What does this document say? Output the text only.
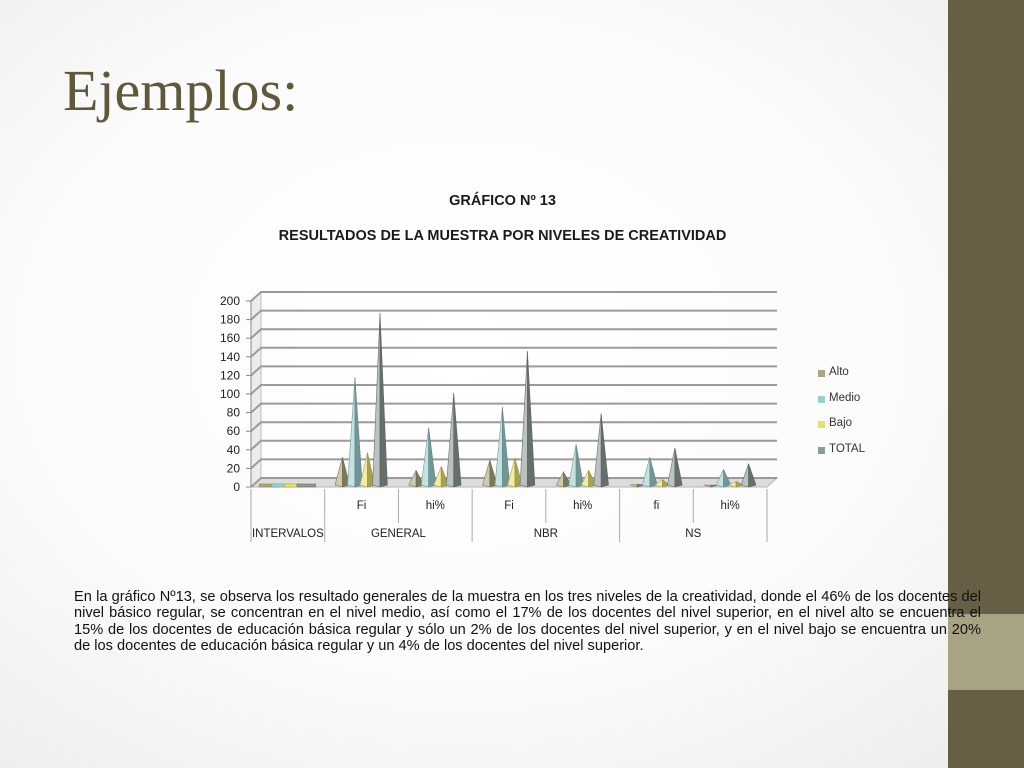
Ejemplos:

GRÁFICO Nº 13

RESULTADOS DE LA MUESTRA POR NIVELES DE CREATIVIDAD

0
20
40
60
80
100
120
140
160
180
200
Fi	hi%	Fi	hi%	fi	hi%
INTERVALOS	GENERAL	NBR	NS
Alto
Medio
Bajo
TOTAL

En la gráfico Nº13, se observa los resultado generales de la muestra en los tres niveles de la creatividad, donde el 46% de los docentes del nivel básico regular, se concentran en el nivel medio, así como el 17% de los docentes del nivel superior, en el nivel alto se encuentra el 15% de los docentes de educación básica regular y sólo un 2% de los docentes del nivel superior, y en el nivel bajo se encuentra un 20% de los docentes de educación básica regular y un 4% de los docentes del nivel superior.
